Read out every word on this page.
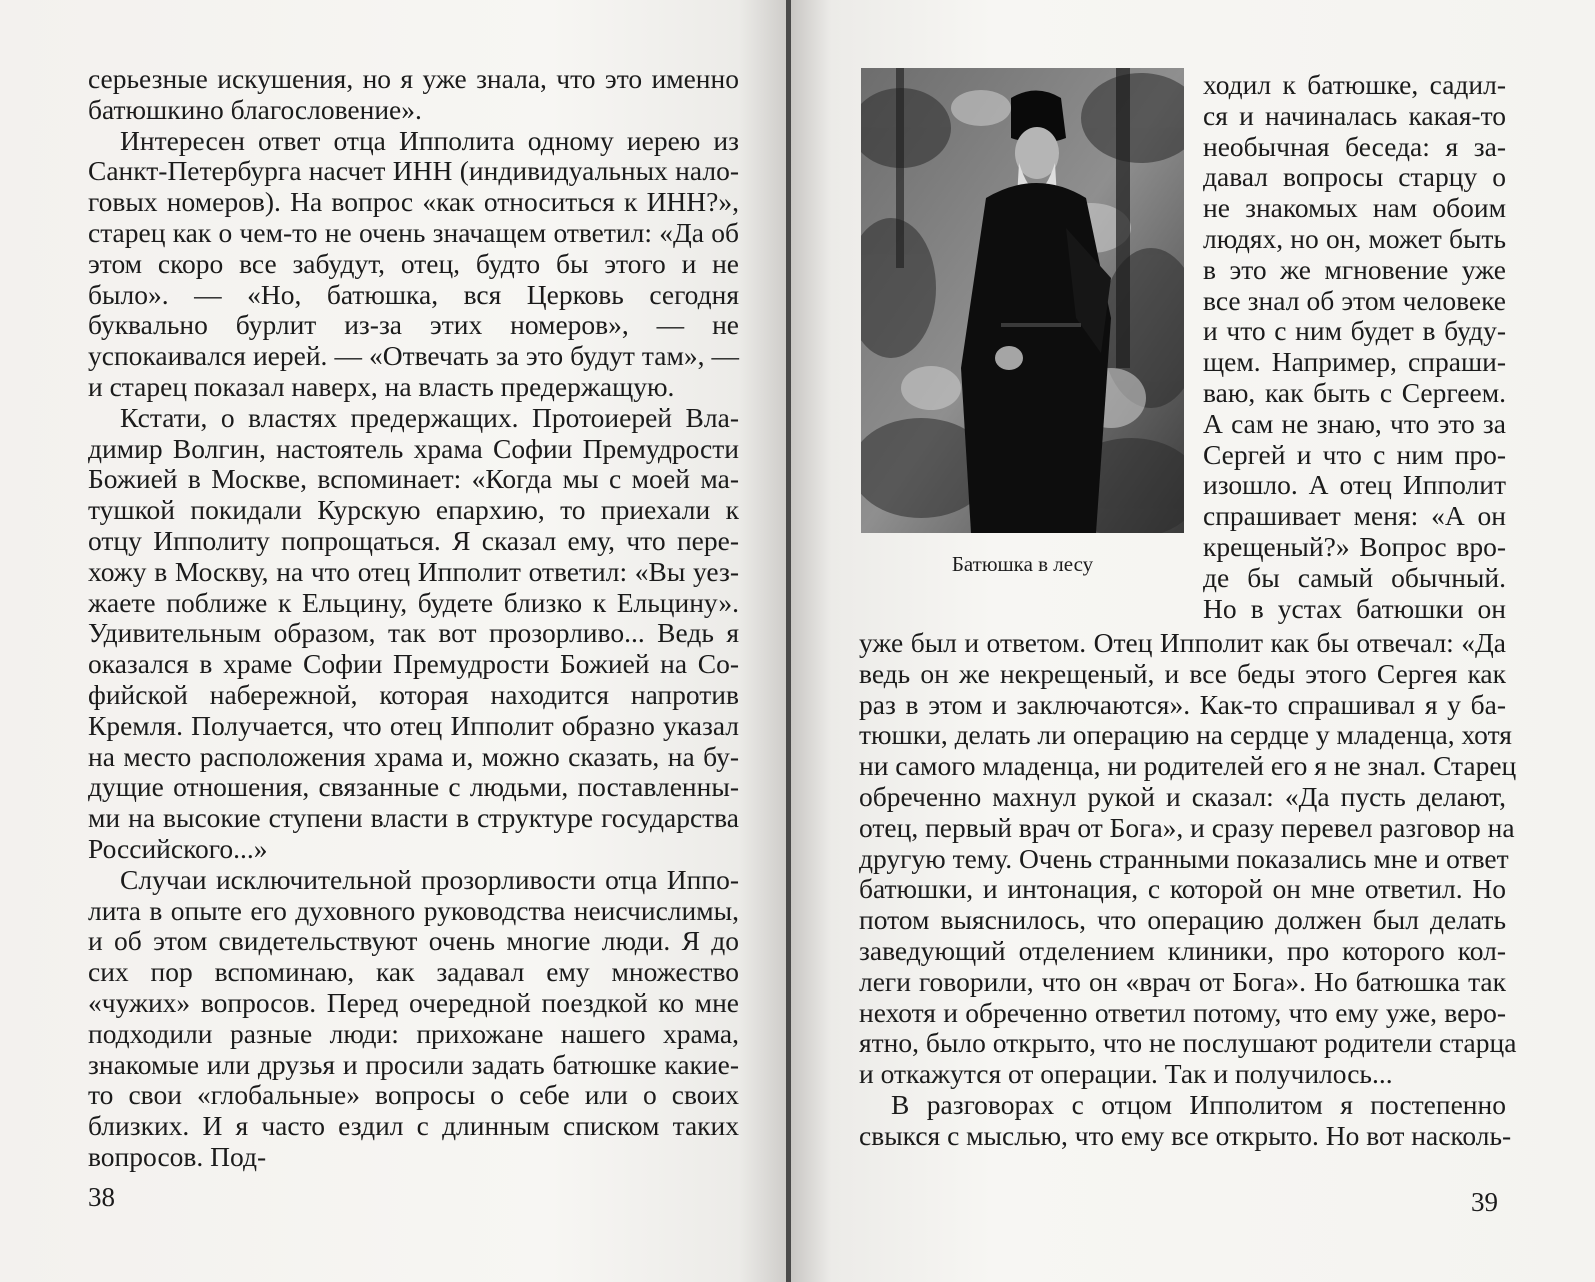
серьезные искушения, но я уже знала, что это именно батюшкино благословение».

Интересен ответ отца Ипполита одному иерею из Санкт-Петербурга насчет ИНН (индивидуальных налоговых номеров). На вопрос «как относиться к ИНН?», старец как о чем-то не очень значащем ответил: «Да об этом скоро все забудут, отец, будто бы этого и не было». — «Но, батюшка, вся Церковь сегодня буквально бурлит из-за этих номеров», — не успокаивался иерей. — «Отвечать за это будут там», — и старец показал наверх, на власть предержащую.

Кстати, о властях предержащих. Протоиерей Владимир Волгин, настоятель храма Софии Премудрости Божией в Москве, вспоминает: «Когда мы с моей матушкой покидали Курскую епархию, то приехали к отцу Ипполиту попрощаться. Я сказал ему, что перехожу в Москву, на что отец Ипполит ответил: «Вы уезжаете поближе к Ельцину, будете близко к Ельцину». Удивительным образом, так вот прозорливо... Ведь я оказался в храме Софии Премудрости Божией на Софийской набережной, которая находится напротив Кремля. Получается, что отец Ипполит образно указал на место расположения храма и, можно сказать, на будущие отношения, связанные с людьми, поставленными на высокие ступени власти в структуре государства Российского...»

Случаи исключительной прозорливости отца Ипполита в опыте его духовного руководства неисчислимы, и об этом свидетельствуют очень многие люди. Я до сих пор вспоминаю, как задавал ему множество «чужих» вопросов. Перед очередной поездкой ко мне подходили разные люди: прихожане нашего храма, знакомые или друзья и просили задать батюшке какие-то свои «глобальные» вопросы о себе или о своих близких. И я часто ездил с длинным списком таких вопросов. Под-

38
Батюшка в лесу
ходил к батюшке, садил-
ся и начиналась какая-то
необычная беседа: я за-
давал вопросы старцу о
не знакомых нам обоим
людях, но он, может быть
в это же мгновение уже
все знал об этом человеке
и что с ним будет в буду-
щем. Например, спраши-
ваю, как быть с Сергеем.
А сам не знаю, что это за
Сергей и что с ним про-
изошло. А отец Ипполит
спрашивает меня: «А он
крещеный?» Вопрос вро-
де бы самый обычный.
Но в устах батюшки он
уже был и ответом. Отец Ипполит как бы отвечал: «Да
ведь он же некрещеный, и все беды этого Сергея как
раз в этом и заключаются». Как-то спрашивал я у ба-
тюшки, делать ли операцию на сердце у младенца, хотя
ни самого младенца, ни родителей его я не знал. Старец
обреченно махнул рукой и сказал: «Да пусть делают,
отец, первый врач от Бога», и сразу перевел разговор на
другую тему. Очень странными показались мне и ответ
батюшки, и интонация, с которой он мне ответил. Но
потом выяснилось, что операцию должен был делать
заведующий отделением клиники, про которого кол-
леги говорили, что он «врач от Бога». Но батюшка так
нехотя и обреченно ответил потому, что ему уже, веро-
ятно, было открыто, что не послушают родители старца
и откажутся от операции. Так и получилось...
В разговорах с отцом Ипполитом я постепенно
свыкся с мыслью, что ему все открыто. Но вот насколь-
39
